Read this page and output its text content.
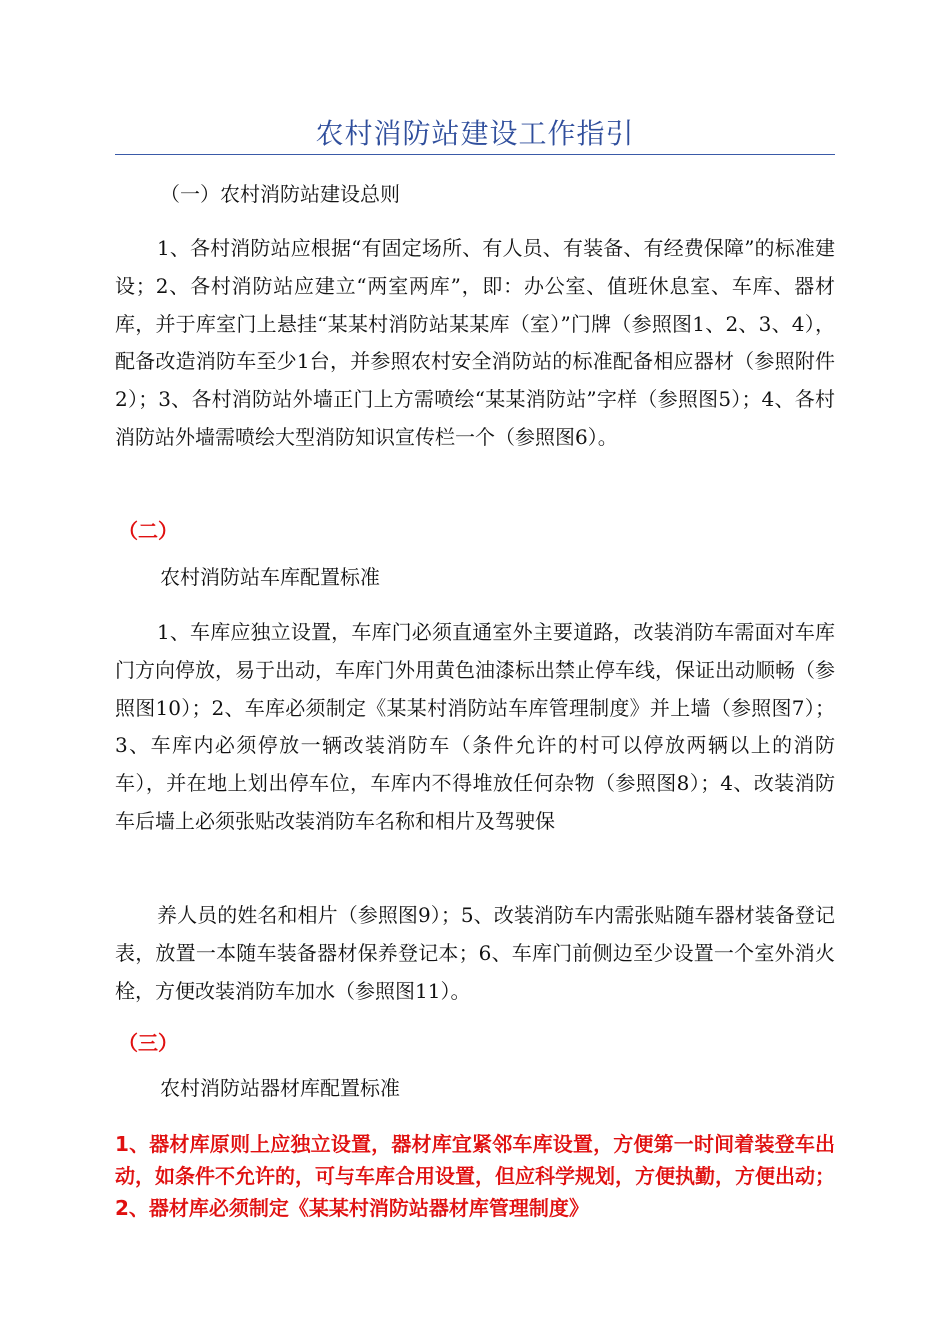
农村消防站建设工作指引
（一）农村消防站建设总则

1、各村消防站应根据“有固定场所、有人员、有装备、有经费保障”的标准建设；2、各村消防站应建立“两室两库”，即：办公室、值班休息室、车库、器材库，并于库室门上悬挂“某某村消防站某某库（室）”门牌（参照图1、2、3、4），配备改造消防车至少1台，并参照农村安全消防站的标准配备相应器材（参照附件2）；3、各村消防站外墙正门上方需喷绘“某某消防站”字样（参照图5）；4、各村消防站外墙需喷绘大型消防知识宣传栏一个（参照图6）。

（二）
农村消防站车库配置标准

1、车库应独立设置，车库门必须直通室外主要道路，改装消防车需面对车库门方向停放，易于出动，车库门外用黄色油漆标出禁止停车线，保证出动顺畅（参照图10）；2、车库必须制定《某某村消防站车库管理制度》并上墙（参照图7）；3、车库内必须停放一辆改装消防车（条件允许的村可以停放两辆以上的消防车），并在地上划出停车位，车库内不得堆放任何杂物（参照图8）；4、改装消防车后墙上必须张贴改装消防车名称和相片及驾驶保

养人员的姓名和相片（参照图9）；5、改装消防车内需张贴随车器材装备登记表，放置一本随车装备器材保养登记本；6、车库门前侧边至少设置一个室外消火栓，方便改装消防车加水（参照图11）。

（三）
农村消防站器材库配置标准

1、器材库原则上应独立设置，器材库宜紧邻车库设置，方便第一时间着装登车出动，如条件不允许的，可与车库合用设置，但应科学规划，方便执勤，方便出动；2、器材库必须制定《某某村消防站器材库管理制度》
